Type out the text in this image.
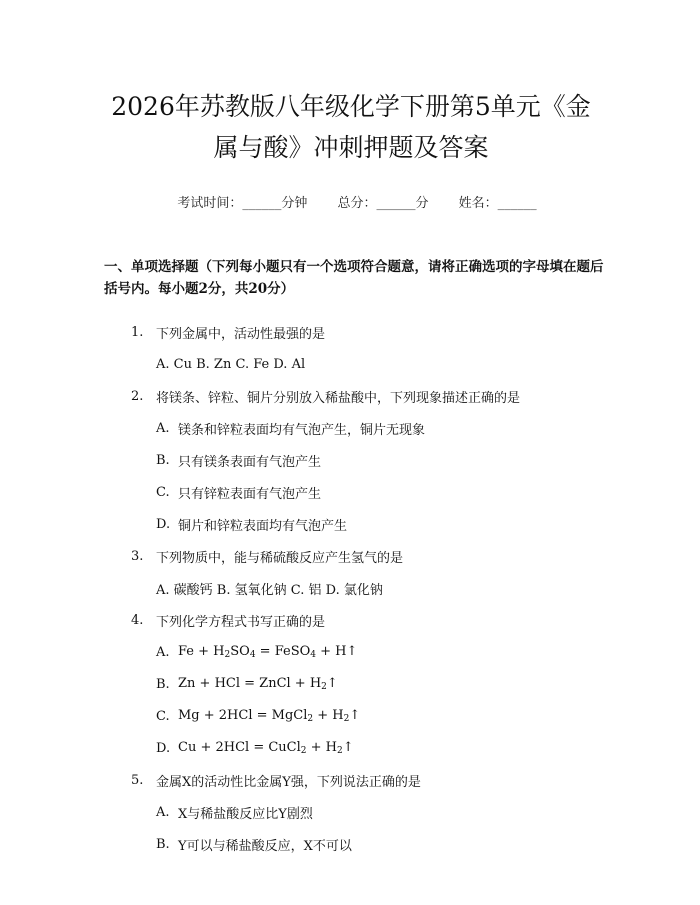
2026年苏教版八年级化学下册第5单元《金
属与酸》冲刺押题及答案
考试时间：______分钟 总分：______分 姓名：______
一、单项选择题（下列每小题只有一个选项符合题意，请将正确选项的字母填在题后括号内。每小题2分，共20分）
1. 下列金属中，活动性最强的是
A. Cu B. Zn C. Fe D. Al
2. 将镁条、锌粒、铜片分别放入稀盐酸中，下列现象描述正确的是
A. 镁条和锌粒表面均有气泡产生，铜片无现象
B. 只有镁条表面有气泡产生
C. 只有锌粒表面有气泡产生
D. 铜片和锌粒表面均有气泡产生
3. 下列物质中，能与稀硫酸反应产生氢气的是
A. 碳酸钙 B. 氢氧化钠 C. 铝 D. 氯化钠
4. 下列化学方程式书写正确的是
A. $Fe + H_2SO_4$ = FeSO$_4$ + H↑
B. Zn + HCl = ZnCl + $H_2↑$
C. Mg + 2HCl = MgCl$_2$ + $H_2↑$
D. Cu + 2HCl = CuCl$_2$ + $H_2↑$
5. 金属X的活动性比金属Y强，下列说法正确的是
A. X与稀盐酸反应比Y剧烈
B. Y可以与稀盐酸反应，X不可以
